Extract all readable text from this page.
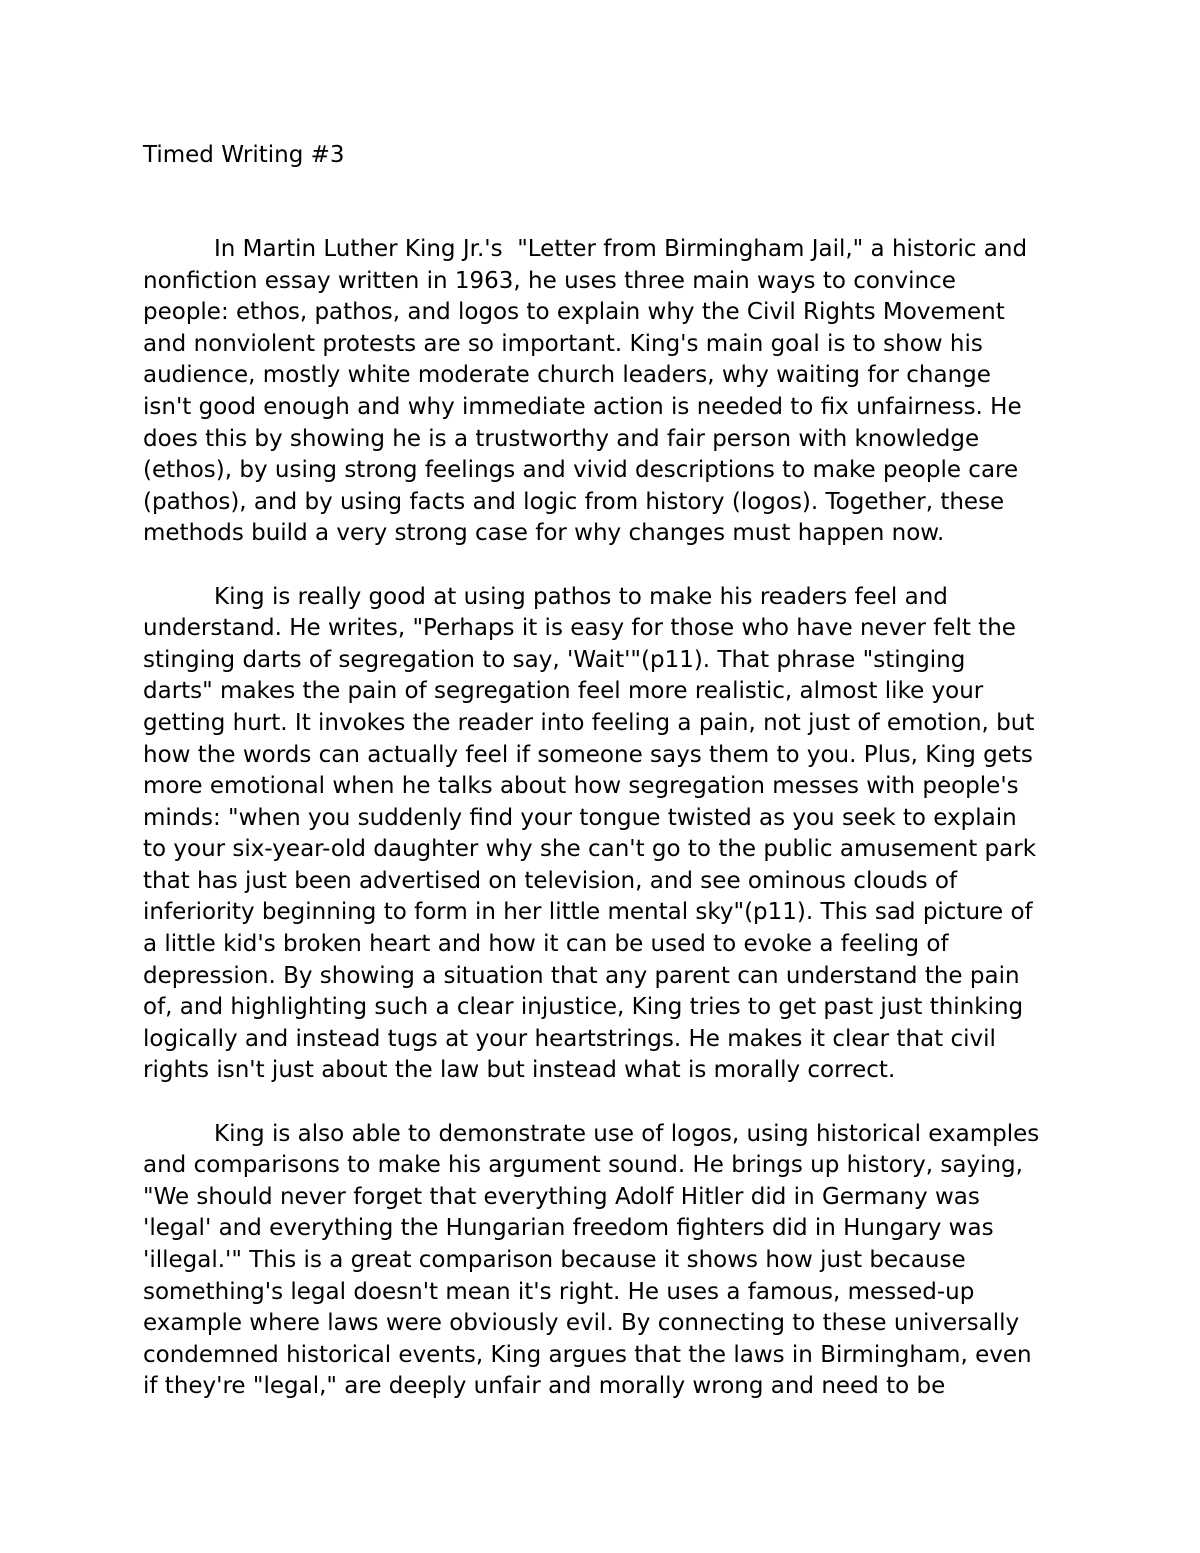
Timed Writing #3

In Martin Luther King Jr.'s  "Letter from Birmingham Jail," a historic and
nonfiction essay written in 1963, he uses three main ways to convince
people: ethos, pathos, and logos to explain why the Civil Rights Movement
and nonviolent protests are so important. King's main goal is to show his
audience, mostly white moderate church leaders, why waiting for change
isn't good enough and why immediate action is needed to fix unfairness. He
does this by showing he is a trustworthy and fair person with knowledge
(ethos), by using strong feelings and vivid descriptions to make people care
(pathos), and by using facts and logic from history (logos). Together, these
methods build a very strong case for why changes must happen now.

King is really good at using pathos to make his readers feel and
understand. He writes, "Perhaps it is easy for those who have never felt the
stinging darts of segregation to say, 'Wait'"(p11). That phrase "stinging
darts" makes the pain of segregation feel more realistic, almost like your
getting hurt. It invokes the reader into feeling a pain, not just of emotion, but
how the words can actually feel if someone says them to you. Plus, King gets
more emotional when he talks about how segregation messes with people's
minds: "when you suddenly find your tongue twisted as you seek to explain
to your six-year-old daughter why she can't go to the public amusement park
that has just been advertised on television, and see ominous clouds of
inferiority beginning to form in her little mental sky"(p11). This sad picture of
a little kid's broken heart and how it can be used to evoke a feeling of
depression. By showing a situation that any parent can understand the pain
of, and highlighting such a clear injustice, King tries to get past just thinking
logically and instead tugs at your heartstrings. He makes it clear that civil
rights isn't just about the law but instead what is morally correct.

King is also able to demonstrate use of logos, using historical examples
and comparisons to make his argument sound. He brings up history, saying,
"We should never forget that everything Adolf Hitler did in Germany was
'legal' and everything the Hungarian freedom fighters did in Hungary was
'illegal.'" This is a great comparison because it shows how just because
something's legal doesn't mean it's right. He uses a famous, messed-up
example where laws were obviously evil. By connecting to these universally
condemned historical events, King argues that the laws in Birmingham, even
if they're "legal," are deeply unfair and morally wrong and need to be
